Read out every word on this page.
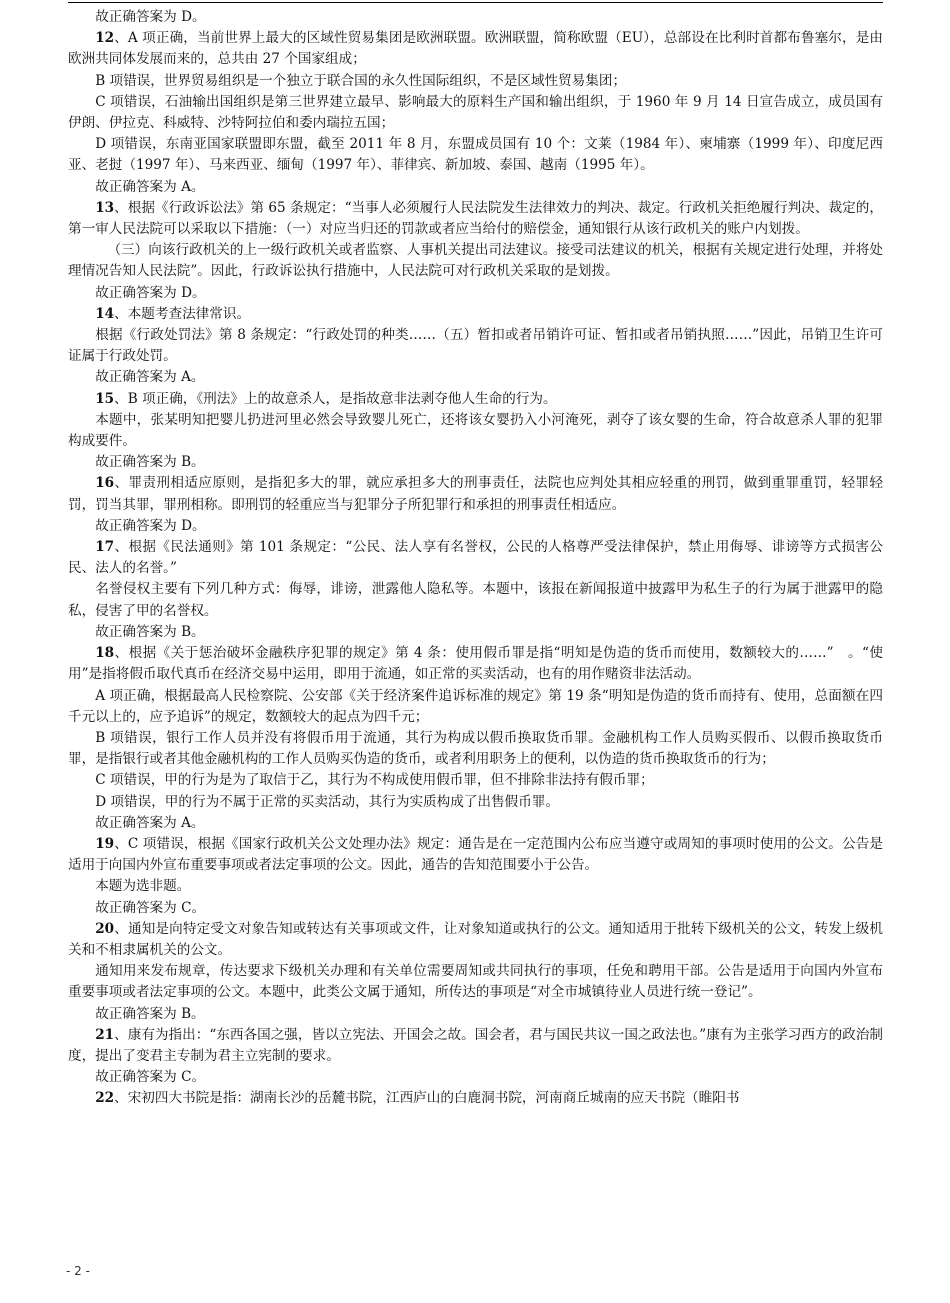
故正确答案为 D。

12、A 项正确，当前世界上最大的区域性贸易集团是欧洲联盟。欧洲联盟，简称欧盟（EU），总部设在比利时首都布鲁塞尔，是由欧洲共同体发展而来的，总共由 27 个国家组成；

B 项错误，世界贸易组织是一个独立于联合国的永久性国际组织，不是区域性贸易集团；

C 项错误，石油输出国组织是第三世界建立最早、影响最大的原料生产国和输出组织，于 1960 年 9 月 14 日宣告成立，成员国有伊朗、伊拉克、科威特、沙特阿拉伯和委内瑞拉五国；

D 项错误，东南亚国家联盟即东盟，截至 2011 年 8 月，东盟成员国有 10 个：文莱（1984 年）、柬埔寨（1999 年）、印度尼西亚、老挝（1997 年）、马来西亚、缅甸（1997 年）、菲律宾、新加坡、泰国、越南（1995 年）。

故正确答案为 A。

13、根据《行政诉讼法》第 65 条规定：“当事人必须履行人民法院发生法律效力的判决、裁定。行政机关拒绝履行判决、裁定的，第一审人民法院可以采取以下措施：（一）对应当归还的罚款或者应当给付的赔偿金，通知银行从该行政机关的账户内划拨。

（三）向该行政机关的上一级行政机关或者监察、人事机关提出司法建议。接受司法建议的机关，根据有关规定进行处理，并将处理情况告知人民法院”。因此，行政诉讼执行措施中，人民法院可对行政机关采取的是划拨。

故正确答案为 D。

14、本题考查法律常识。

根据《行政处罚法》第 8 条规定：“行政处罚的种类……（五）暂扣或者吊销许可证、暂扣或者吊销执照……”因此，吊销卫生许可证属于行政处罚。

故正确答案为 A。

15、B 项正确，《刑法》上的故意杀人，是指故意非法剥夺他人生命的行为。

本题中，张某明知把婴儿扔进河里必然会导致婴儿死亡，还将该女婴扔入小河淹死，剥夺了该女婴的生命，符合故意杀人罪的犯罪构成要件。

故正确答案为 B。

16、罪责刑相适应原则，是指犯多大的罪，就应承担多大的刑事责任，法院也应判处其相应轻重的刑罚，做到重罪重罚，轻罪轻罚，罚当其罪，罪刑相称。即刑罚的轻重应当与犯罪分子所犯罪行和承担的刑事责任相适应。

故正确答案为 D。

17、根据《民法通则》第 101 条规定：“公民、法人享有名誉权，公民的人格尊严受法律保护，禁止用侮辱、诽谤等方式损害公民、法人的名誉。”

名誉侵权主要有下列几种方式：侮辱，诽谤，泄露他人隐私等。本题中，该报在新闻报道中披露甲为私生子的行为属于泄露甲的隐私，侵害了甲的名誉权。

故正确答案为 B。

18、根据《关于惩治破坏金融秩序犯罪的规定》第 4 条：使用假币罪是指“明知是伪造的货币而使用，数额较大的……”　。“使用”是指将假币取代真币在经济交易中运用，即用于流通，如正常的买卖活动，也有的用作赌资非法活动。

A 项正确，根据最高人民检察院、公安部《关于经济案件追诉标准的规定》第 19 条“明知是伪造的货币而持有、使用，总面额在四千元以上的，应予追诉”的规定，数额较大的起点为四千元；

B 项错误，银行工作人员并没有将假币用于流通，其行为构成以假币换取货币罪。金融机构工作人员购买假币、以假币换取货币罪，是指银行或者其他金融机构的工作人员购买伪造的货币，或者利用职务上的便利，以伪造的货币换取货币的行为；

C 项错误，甲的行为是为了取信于乙，其行为不构成使用假币罪，但不排除非法持有假币罪；

D 项错误，甲的行为不属于正常的买卖活动，其行为实质构成了出售假币罪。

故正确答案为 A。

19、C 项错误，根据《国家行政机关公文处理办法》规定：通告是在一定范围内公布应当遵守或周知的事项时使用的公文。公告是适用于向国内外宣布重要事项或者法定事项的公文。因此，通告的告知范围要小于公告。

本题为选非题。

故正确答案为 C。

20、通知是向特定受文对象告知或转达有关事项或文件，让对象知道或执行的公文。通知适用于批转下级机关的公文，转发上级机关和不相隶属机关的公文。

通知用来发布规章，传达要求下级机关办理和有关单位需要周知或共同执行的事项，任免和聘用干部。公告是适用于向国内外宣布重要事项或者法定事项的公文。本题中，此类公文属于通知，所传达的事项是“对全市城镇待业人员进行统一登记”。

故正确答案为 B。

21、康有为指出：“东西各国之强，皆以立宪法、开国会之故。国会者，君与国民共议一国之政法也。”康有为主张学习西方的政治制度，提出了变君主专制为君主立宪制的要求。

故正确答案为 C。

22、宋初四大书院是指：湖南长沙的岳麓书院，江西庐山的白鹿洞书院，河南商丘城南的应天书院（睢阳书

- 2 -
